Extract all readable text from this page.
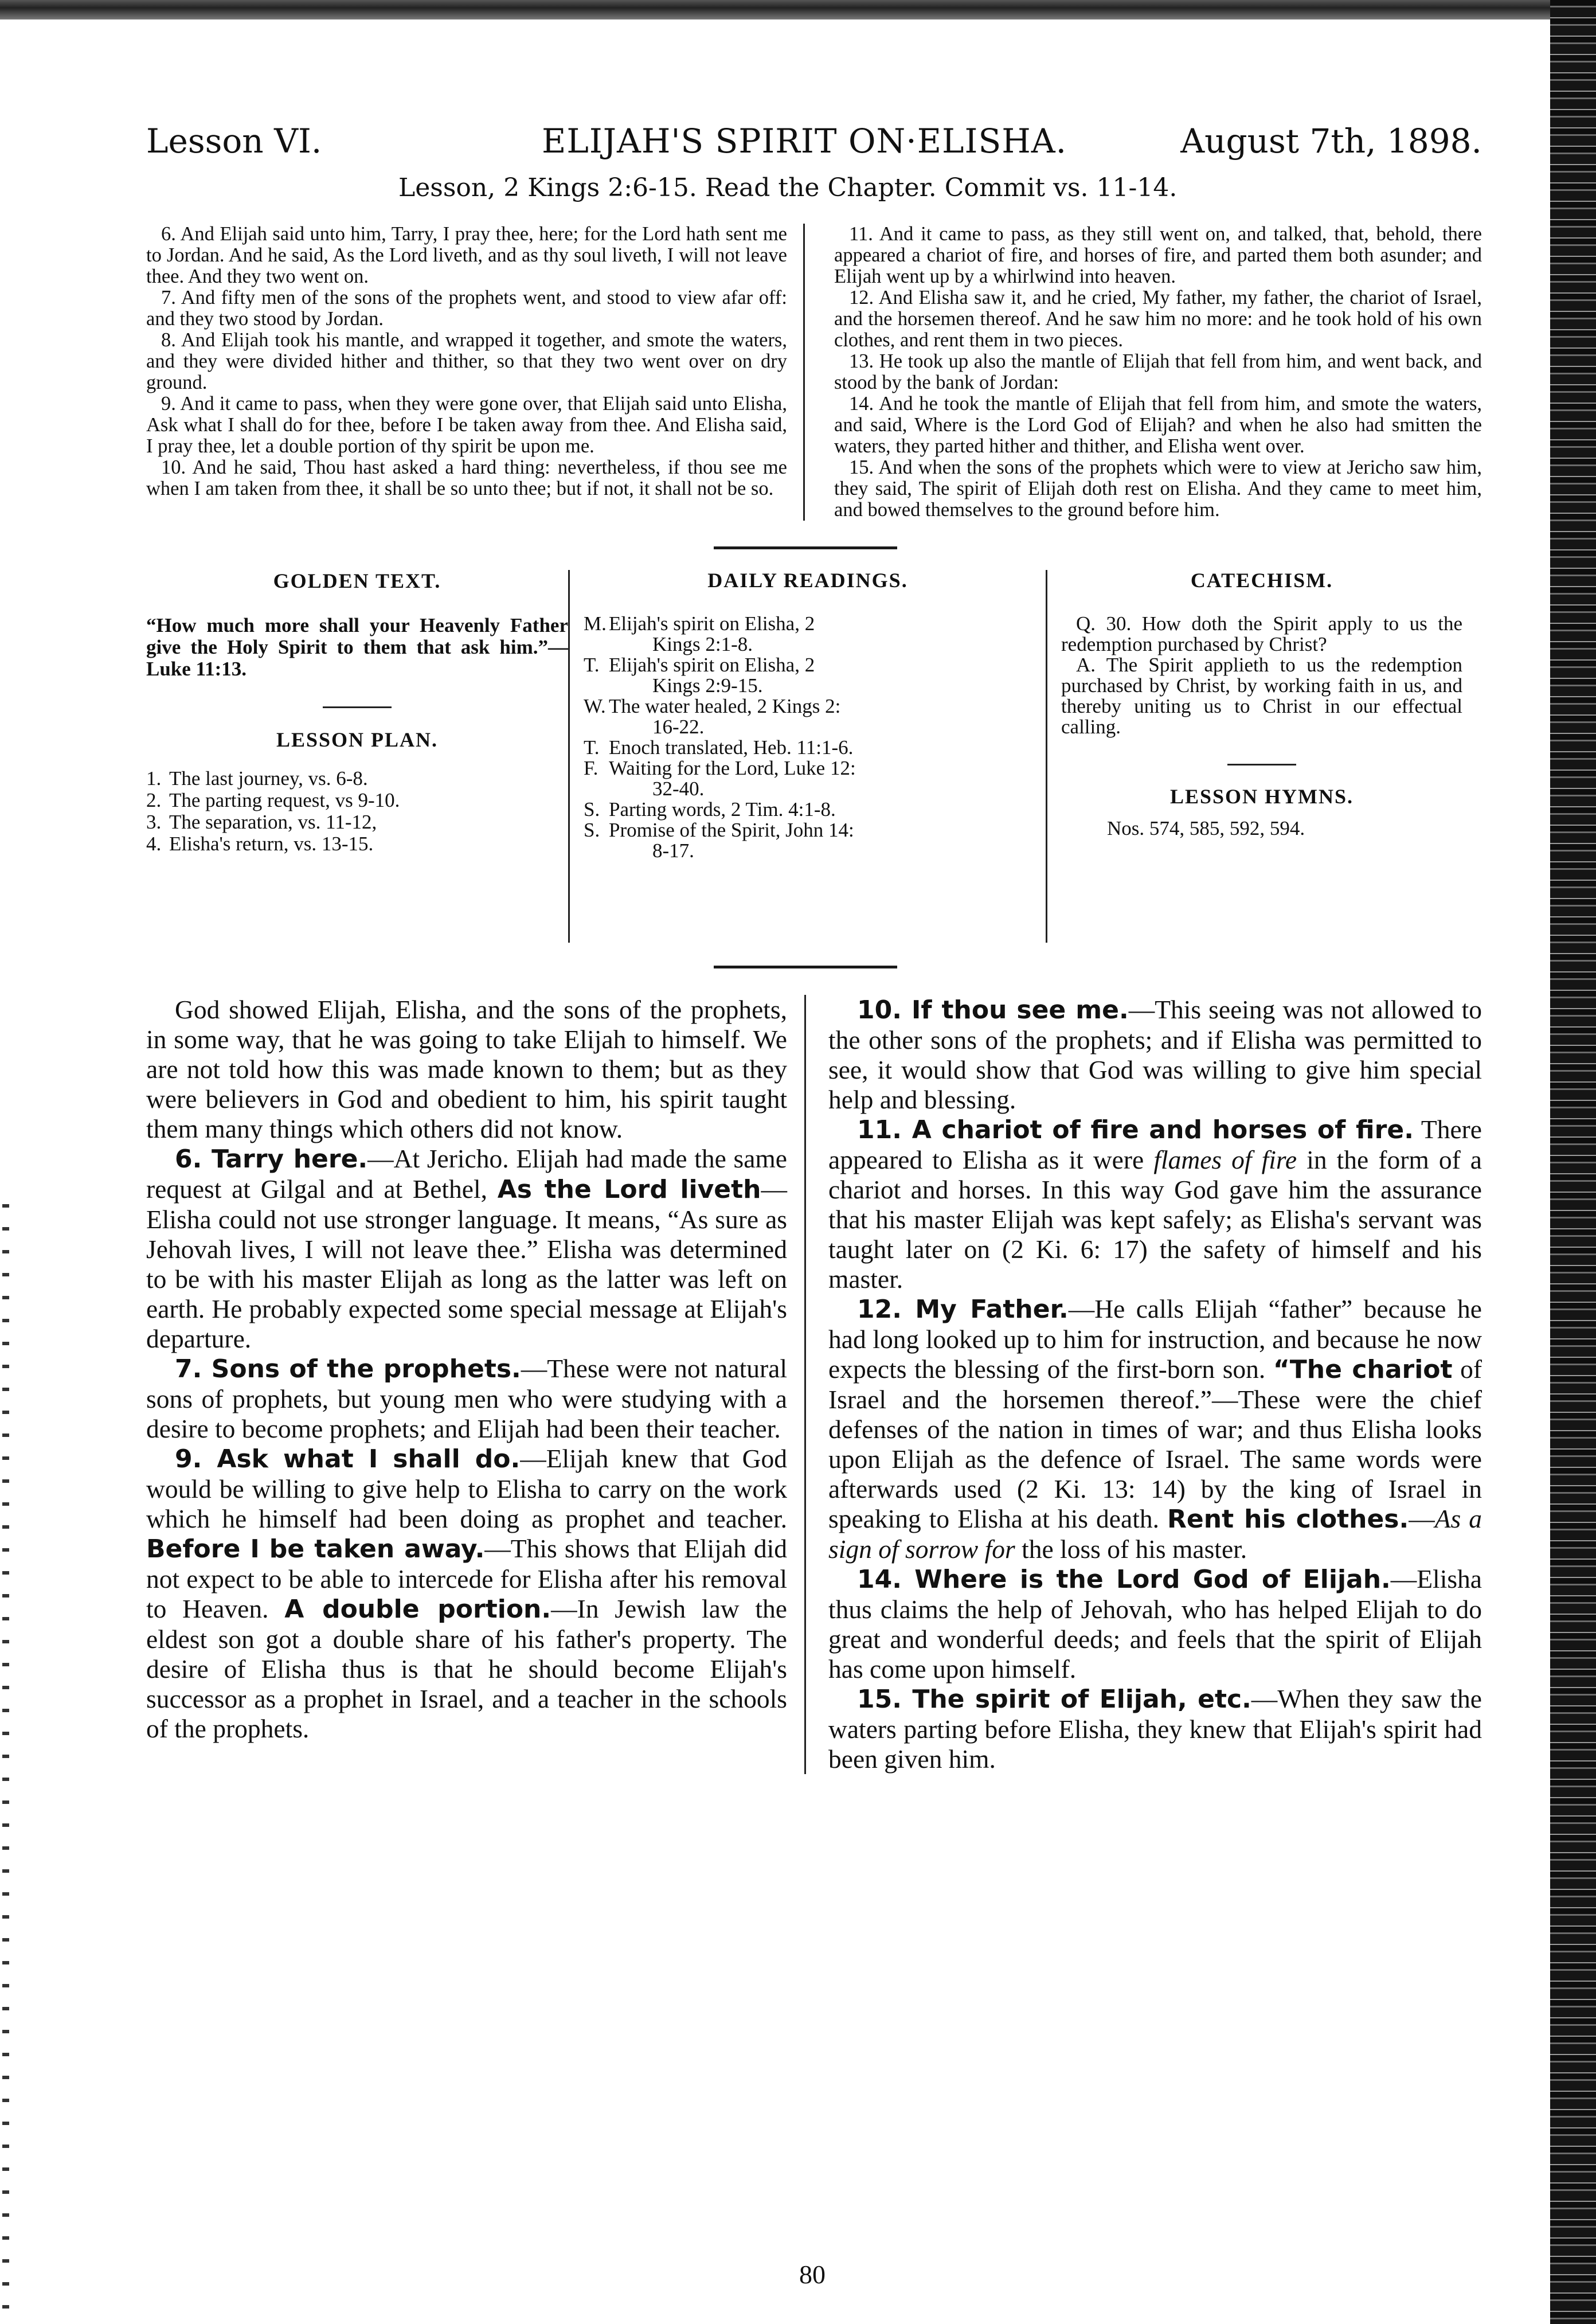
Lesson VI.	ELIJAH'S SPIRIT ON·ELISHA.	August 7th, 1898.
Lesson, 2 Kings 2:6-15. Read the Chapter. Commit vs. 11-14.

6. And Elijah said unto him, Tarry, I pray thee, here; for the Lord hath sent me to Jordan. And he said, As the Lord liveth, and as thy soul liveth, I will not leave thee. And they two went on.

7. And fifty men of the sons of the prophets went, and stood to view afar off: and they two stood by Jordan.

8. And Elijah took his mantle, and wrapped it together, and smote the waters, and they were divided hither and thither, so that they two went over on dry ground.

9. And it came to pass, when they were gone over, that Elijah said unto Elisha, Ask what I shall do for thee, before I be taken away from thee. And Elisha said, I pray thee, let a double portion of thy spirit be upon me.

10. And he said, Thou hast asked a hard thing: nevertheless, if thou see me when I am taken from thee, it shall be so unto thee; but if not, it shall not be so.

11. And it came to pass, as they still went on, and talked, that, behold, there appeared a chariot of fire, and horses of fire, and parted them both asunder; and Elijah went up by a whirlwind into heaven.

12. And Elisha saw it, and he cried, My father, my father, the chariot of Israel, and the horsemen thereof. And he saw him no more: and he took hold of his own clothes, and rent them in two pieces.

13. He took up also the mantle of Elijah that fell from him, and went back, and stood by the bank of Jordan:

14. And he took the mantle of Elijah that fell from him, and smote the waters, and said, Where is the Lord God of Elijah? and when he also had smitten the waters, they parted hither and thither, and Elisha went over.

15. And when the sons of the prophets which were to view at Jericho saw him, they said, The spirit of Elijah doth rest on Elisha. And they came to meet him, and bowed themselves to the ground before him.

GOLDEN TEXT.
“How much more shall your Heavenly Father give the Holy Spirit to them that ask him.”—Luke 11:13.
LESSON PLAN.
1. The last journey, vs. 6-8.
2. The parting request, vs 9-10.
3. The separation, vs. 11-12,
4. Elisha's return, vs. 13-15.
DAILY READINGS.
M. Elijah's spirit on Elisha, 2
Kings 2:1-8.
T. Elijah's spirit on Elisha, 2
Kings 2:9-15.
W. The water healed, 2 Kings 2:
16-22.
T. Enoch translated, Heb. 11:1-6.
F. Waiting for the Lord, Luke 12:
32-40.
S. Parting words, 2 Tim. 4:1-8.
S. Promise of the Spirit, John 14:
8-17.
CATECHISM.

Q. 30. How doth the Spirit apply to us the redemption purchased by Christ?

A. The Spirit applieth to us the redemption purchased by Christ, by working faith in us, and thereby uniting us to Christ in our effectual calling.

LESSON HYMNS.
Nos. 574, 585, 592, 594.

God showed Elijah, Elisha, and the sons of the prophets, in some way, that he was going to take Elijah to himself. We are not told how this was made known to them; but as they were believers in God and obedient to him, his spirit taught them many things which others did not know.

6. Tarry here.—At Jericho. Elijah had made the same request at Gilgal and at Bethel, As the Lord liveth—Elisha could not use stronger language. It means, “As sure as Jehovah lives, I will not leave thee.” Elisha was determined to be with his master Elijah as long as the latter was left on earth. He probably expected some special message at Elijah's departure.

7. Sons of the prophets.—These were not natural sons of prophets, but young men who were studying with a desire to become prophets; and Elijah had been their teacher.

9. Ask what I shall do.—Elijah knew that God would be willing to give help to Elisha to carry on the work which he himself had been doing as prophet and teacher. Before I be taken away.—This shows that Elijah did not expect to be able to intercede for Elisha after his removal to Heaven. A double portion.—In Jewish law the eldest son got a double share of his father's property. The desire of Elisha thus is that he should become Elijah's successor as a prophet in Israel, and a teacher in the schools of the prophets.

10. If thou see me.—This seeing was not allowed to the other sons of the prophets; and if Elisha was permitted to see, it would show that God was willing to give him special help and blessing.

11. A chariot of fire and horses of fire. There appeared to Elisha as it were flames of fire in the form of a chariot and horses. In this way God gave him the assurance that his master Elijah was kept safely; as Elisha's servant was taught later on (2 Ki. 6: 17) the safety of himself and his master.

12. My Father.—He calls Elijah “father” because he had long looked up to him for instruction, and because he now expects the blessing of the first-born son. “The chariot of Israel and the horsemen thereof.”—These were the chief defenses of the nation in times of war; and thus Elisha looks upon Elijah as the defence of Israel. The same words were afterwards used (2 Ki. 13: 14) by the king of Israel in speaking to Elisha at his death. Rent his clothes.—As a sign of sorrow for the loss of his master.

14. Where is the Lord God of Elijah.—Elisha thus claims the help of Jehovah, who has helped Elijah to do great and wonderful deeds; and feels that the spirit of Elijah has come upon himself.

15. The spirit of Elijah, etc.—When they saw the waters parting before Elisha, they knew that Elijah's spirit had been given him.

80
